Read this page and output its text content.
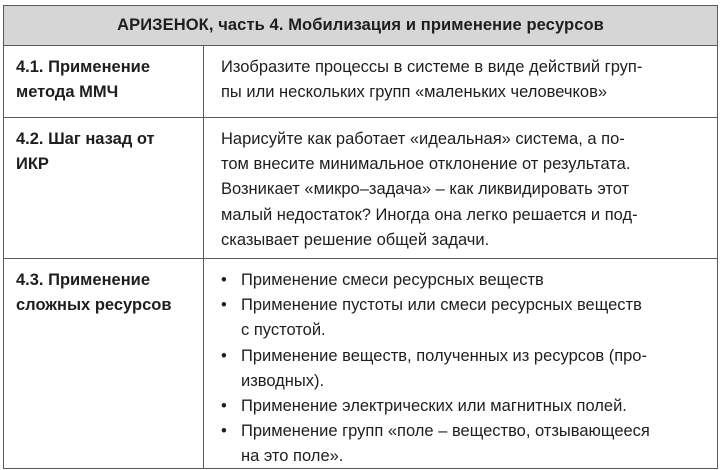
АРИЗЕНОК, часть 4. Мобилизация и применение ресурсов
4.1. Применение
метода ММЧ
Изобразите процессы в системе в виде действий груп-
пы или нескольких групп «маленьких человечков»
4.2. Шаг назад от
ИКР
Нарисуйте как работает «идеальная» система, а по-
том внесите минимальное отклонение от результата.
Возникает «микро–задача» – как ликвидировать этот
малый недостаток? Иногда она легко решается и под-
сказывает решение общей задачи.
4.3. Применение
сложных ресурсов
• Применение смеси ресурсных веществ
• Применение пустоты или смеси ресурсных веществ
с пустотой.
• Применение веществ, полученных из ресурсов (про-
изводных).
• Применение электрических или магнитных полей.
• Применение групп «поле – вещество, отзывающееся
на это поле».
